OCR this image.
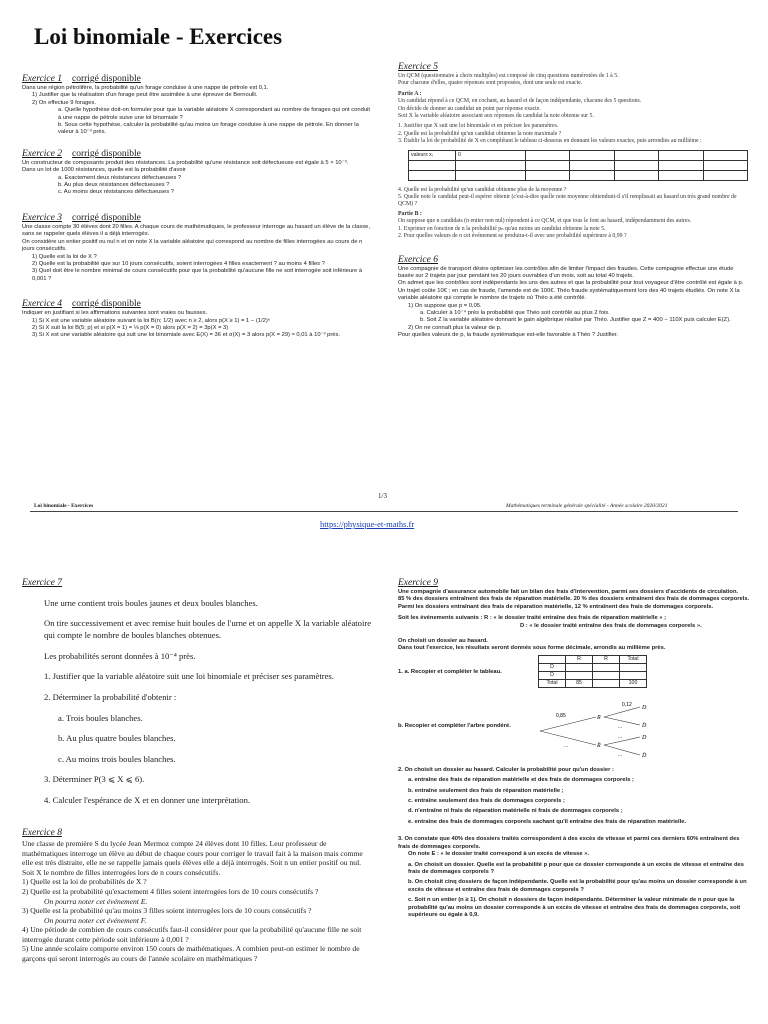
Loi binomiale - Exercices
Exercice 1 corrigé disponible

Dans une région pétrolifère, la probabilité qu'un forage conduise à une nappe de pétrole est 0,1.

1) Justifier que la réalisation d'un forage peut être assimilée à une épreuve de Bernoulli.

2) On effectue 9 forages.

a. Quelle hypothèse doit-on formuler pour que la variable aléatoire X correspondant au nombre de forages qui ont conduit à une nappe de pétrole suive une loi binomiale ?

b. Sous cette hypothèse, calculer la probabilité qu'au moins un forage conduise à une nappe de pétrole. En donner la valeur à 10⁻³ près.

Exercice 2 corrigé disponible

Un constructeur de composants produit des résistances. La probabilité qu'une résistance soit défectueuse est égale à 5 × 10⁻³.

Dans un lot de 1000 résistances, quelle est la probabilité d'avoir

a. Exactement deux résistances défectueuses ?

b. Au plus deux résistances défectueuses ?

c. Au moins deux résistances défectueuses ?

Exercice 3 corrigé disponible

Une classe compte 30 élèves dont 20 filles. A chaque cours de mathématiques, le professeur interroge au hasard un élève de la classe, sans se rappeler quels élèves il a déjà interrogés.

On considère un entier positif ou nul n et on note X la variable aléatoire qui correspond au nombre de filles interrogées au cours de n jours consécutifs.

1) Quelle est la loi de X ?

2) Quelle est la probabilité que sur 10 jours consécutifs, soient interrogées 4 filles exactement ? au moins 4 filles ?

3) Quel doit être le nombre minimal de cours consécutifs pour que la probabilité qu'aucune fille ne soit interrogée soit inférieure à 0,001 ?

Exercice 4 corrigé disponible

Indiquer en justifiant si les affirmations suivantes sont vraies ou fausses.

1) Si X est une variable aléatoire suivant la loi B(n; 1/2) avec n ≥ 2, alors p(X ≥ 1) = 1 − (1/2)ⁿ

2) Si X suit la loi B(5; p) et si p(X = 1) = ⅛ p(X = 0) alors p(X = 2) = 3p(X = 3)

3) Si X est une variable aléatoire qui suit une loi binomiale avec E(X) = 36 et σ(X) = 3 alors p(X = 29) ≈ 0,01 à 10⁻³ près.

Exercice 5

Un QCM (questionnaire à choix multiples) est composé de cinq questions numérotées de 1 à 5.

Pour chacune d'elles, quatre réponses sont proposées, dont une seule est exacte.

Partie A :

Un candidat répond à ce QCM, en cochant, au hasard et de façon indépendante, chacune des 5 questions.

On décide de donner au candidat un point par réponse exacte.

Soit X la variable aléatoire associant aux réponses du candidat la note obtenue sur 5.

1. Justifier que X suit une loi binomiale et en préciser les paramètres.

2. Quelle est la probabilité qu'un candidat obtienne la note maximale ?

3. Établir la loi de probabilité de X en complétant le tableau ci-dessous en donnant les valeurs exactes, puis arrondies au millième :

valeurs xᵢ	0					

4. Quelle est la probabilité qu'un candidat obtienne plus de la moyenne ?

5. Quelle note le candidat peut-il espérer obtenir (c'est-à-dire quelle note moyenne obtiendrait-il s'il remplissait au hasard un très grand nombre de QCM) ?

Partie B :

On suppose que n candidats (n entier non nul) répondent à ce QCM, et que tous le font au hasard, indépendamment des autres.

1. Exprimer en fonction de n la probabilité pₙ qu'au moins un candidat obtienne la note 5.

2. Pour quelles valeurs de n cet événement se produira-t-il avec une probabilité supérieure à 0,99 ?

Exercice 6

Une compagnie de transport désire optimiser les contrôles afin de limiter l'impact des fraudes. Cette compagnie effectue une étude basée sur 2 trajets par jour pendant les 20 jours ouvrables d'un mois, soit au total 40 trajets.

On admet que les contrôles sont indépendants les uns des autres et que la probabilité pour tout voyageur d'être contrôlé est égale à p.

Un trajet coûte 10€ ; en cas de fraude, l'amende est de 100€. Théo fraude systématiquement lors des 40 trajets étudiés. On note X la variable aléatoire qui compte le nombre de trajets où Théo a été contrôlé.

1) On suppose que p = 0,05.

a. Calculer à 10⁻⁴ près la probabilité que Théo soit contrôlé au plus 2 fois.

b. Soit Z la variable aléatoire donnant le gain algébrique réalisé par Théo. Justifier que Z = 400 − 110X puis calculer E(Z).

2) On ne connaît plus la valeur de p.

Pour quelles valeurs de p, la fraude systématique est-elle favorable à Théo ? Justifier.

1/3
Loi binomiale - Exercices	Mathématiques terminale générale spécialité - Année scolaire 2020/2021
https://physique-et-maths.fr
Exercice 7

Une urne contient trois boules jaunes et deux boules blanches.

On tire successivement et avec remise huit boules de l'urne et on appelle X la variable aléatoire qui compte le nombre de boules blanches obtenues.

Les probabilités seront données à 10⁻⁴ près.

1. Justifier que la variable aléatoire suit une loi binomiale et préciser ses paramètres.

2. Déterminer la probabilité d'obtenir :

a. Trois boules blanches.

b. Au plus quatre boules blanches.

c. Au moins trois boules blanches.

3. Déterminer P(3 ⩽ X ⩽ 6).

4. Calculer l'espérance de X et en donner une interprétation.

Exercice 8

Une classe de première S du lycée Jean Mermoz compte 24 élèves dont 10 filles. Leur professeur de mathématiques interroge un élève au début de chaque cours pour corriger le travail fait à la maison mais comme elle est très distraite, elle ne se rappelle jamais quels élèves elle a déjà interrogés. Soit n un entier positif ou nul. Soit X le nombre de filles interrogées lors de n cours consécutifs.

1) Quelle est la loi de probabilités de X ?

2) Quelle est la probabilité qu'exactement 4 filles soient interrogées lors de 10 cours consécutifs ?

On pourra noter cet événement E.

3) Quelle est la probabilité qu'au moins 3 filles soient interrogées lors de 10 cours consécutifs ?

On pourra noter cet événement F.

4) Une période de combien de cours consécutifs faut-il considérer pour que la probabilité qu'aucune fille ne soit interrogée durant cette période soit inférieure à 0,001 ?

5) Une année scolaire comporte environ 150 cours de mathématiques. A combien peut-on estimer le nombre de garçons qui seront interrogés au cours de l'année scolaire en mathématiques ?

Exercice 9

Une compagnie d'assurance automobile fait un bilan des frais d'intervention, parmi ses dossiers d'accidents de circulation.

85 % des dossiers entraînent des frais de réparation matérielle. 20 % des dossiers entraînent des frais de dommages corporels. Parmi les dossiers entraînant des frais de réparation matérielle, 12 % entraînent des frais de dommages corporels.

Soit les événements suivants : R : « le dossier traité entraîne des frais de réparation matérielle » ;

D : « le dossier traité entraîne des frais de dommages corporels ».

On choisit un dossier au hasard.

Dans tout l'exercice, les résultats seront donnés sous forme décimale, arrondis au millième près.

1. a. Recopier et compléter le tableau.
	R	R̄	Total
D			
D̄			
Total	85		100
b. Recopier et compléter l'arbre pondéré.
0,85	R
R̄
0,12
...
...
...
...
D
D̄
D
D̄

2. On choisit un dossier au hasard. Calculer la probabilité pour qu'un dossier :

a. entraîne des frais de réparation matérielle et des frais de dommages corporels ;

b. entraîne seulement des frais de réparation matérielle ;

c. entraîne seulement des frais de dommages corporels ;

d. n'entraîne ni frais de réparation matérielle ni frais de dommages corporels ;

e. entraîne des frais de dommages corporels sachant qu'il entraîne des frais de réparation matérielle.

3. On constate que 40% des dossiers traités correspondent à des excès de vitesse et parmi ces derniers 60% entraînent des frais de dommages corporels.

On note E : « le dossier traité correspond à un excès de vitesse ».

a. On choisit un dossier. Quelle est la probabilité p pour que ce dossier corresponde à un excès de vitesse et entraîne des frais de dommages corporels ?

b. On choisit cinq dossiers de façon indépendante. Quelle est la probabilité pour qu'au moins un dossier corresponde à un excès de vitesse et entraîne des frais de dommages corporels ?

c. Soit n un entier (n ≥ 1). On choisit n dossiers de façon indépendante. Déterminer la valeur minimale de n pour que la probabilité qu'au moins un dossier corresponde à un excès de vitesse et entraîne des frais de dommages corporels, soit supérieure ou égale à 0,9.
